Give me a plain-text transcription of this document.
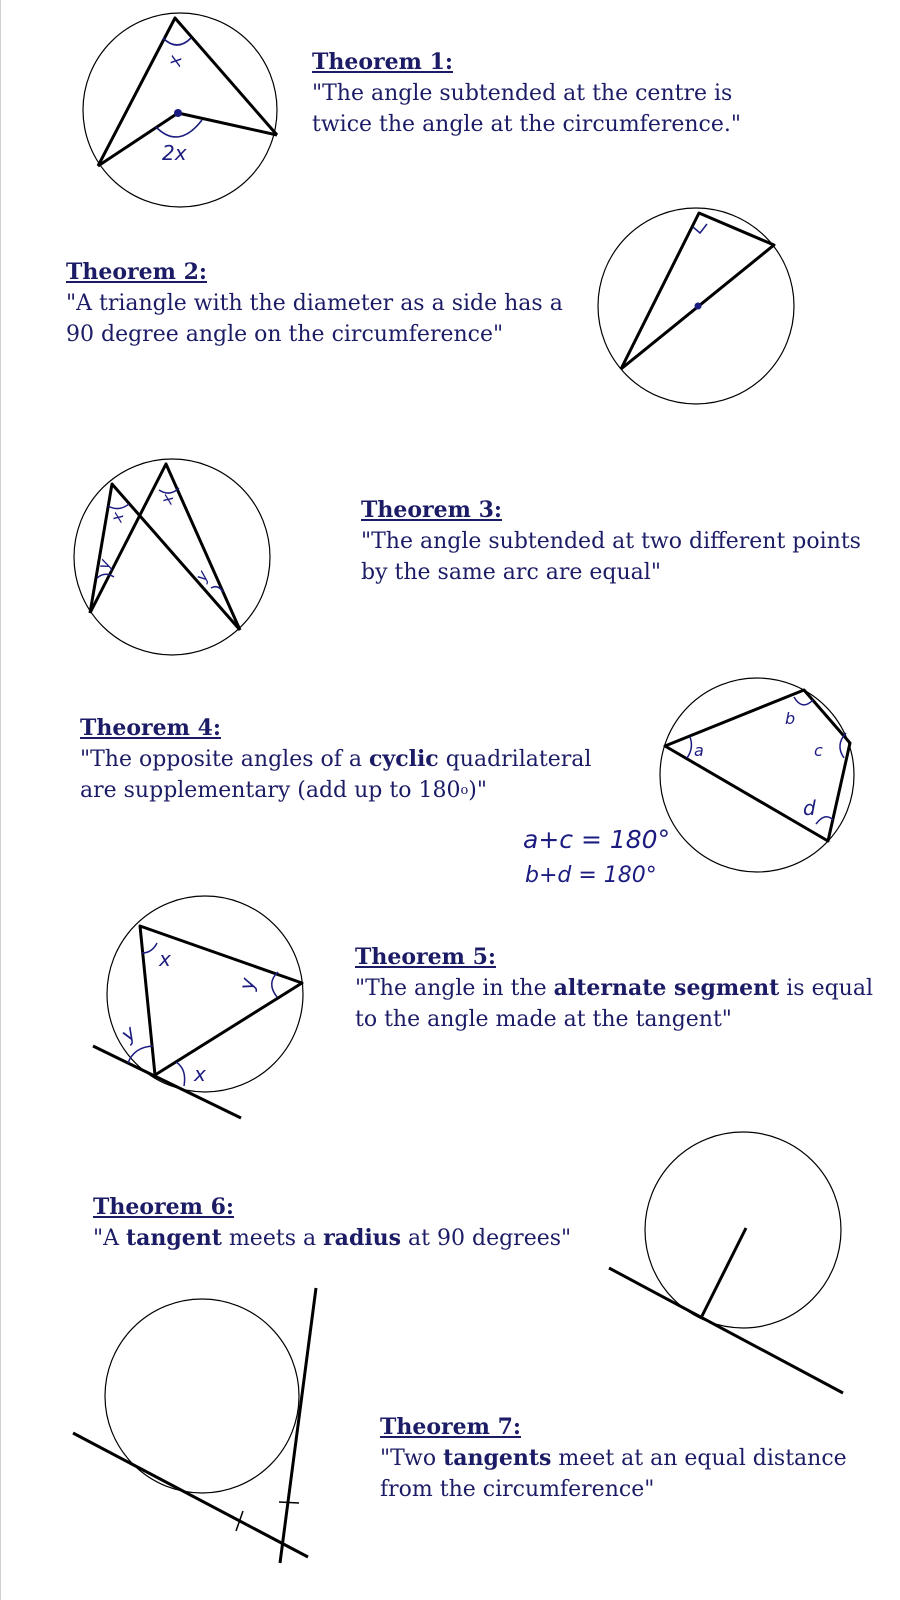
x
2x
x
x
y
y
a
b
c
d
a+c = 180°
b+d = 180°
x
y
y
x
Theorem 1:
"The angle subtended at the centre is
twice the angle at the circumference."
Theorem 2:
"A triangle with the diameter as a side has a
90 degree angle on the circumference"
Theorem 3:
"The angle subtended at two different points
by the same arc are equal"
Theorem 4:
"The opposite angles of a cyclic quadrilateral
are supplementary (add up to 180$^o$)"
Theorem 5:
"The angle in the alternate segment is equal
to the angle made at the tangent"
Theorem 6:
"A tangent meets a radius at 90 degrees"
Theorem 7:
"Two tangents meet at an equal distance
from the circumference"
